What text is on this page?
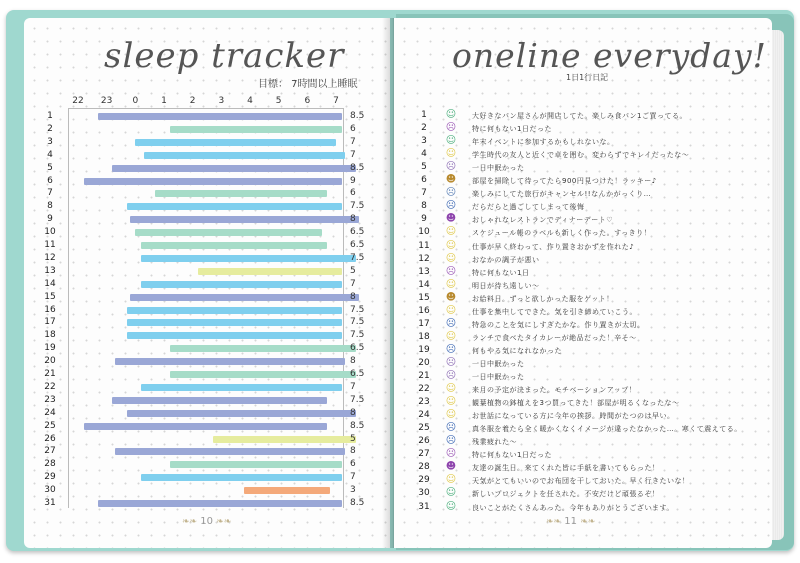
sleep tracker
目標： 7時間以上睡眠
22 23	0	1	2	3	4	5	6	7
1	8.5
2	6
3	7
4	7
5	8.5
6	9
7	6
8	7.5
9	8
10	6.5
11	6.5
12	7.5
13	5
14	7
15	8
16	7.5
17	7.5
18	7.5
19	6.5
20	8
21	6.5
22	7
23	7.5
24	8
25	8.5
26	5
27	8
28	6
29	7
30	3
31	8.5
❧❧ 10 ❧❧
oneline everyday!
1日1行日記
1	☺ 大好きなパン屋さんが開店してた。楽しみ食パン1ご買ってる。
2	☹ 特に何もない1日だった
3	☺ 年末イベントに参加するかもしれないな。
4	☺ 学生時代の友人と近くで卓を囲む。変わらずでキレイだったな〜
5	☹ 一日中眠かった
6	☻ 部屋を掃除して待ってたら900円見つけた！ラッキー♪
7	☹ 楽しみにしてた旅行がキャンセル!!なんかがっくり…
8	☹ だらだらと過ごしてしまって後悔
9	☻ おしゃれなレストランでディナーデート♡
10	☺ スケジュール帳のラベルも新しく作った。すっきり！
11	☺ 仕事が早く終わって、作り置きおかずを作れた♪
12	☺ おなかの調子が悪い
13	☹ 特に何もない1日
14	☺ 明日が待ち遠しい〜
15	☻ お給料日。ずっと欲しかった服をゲット！
16	☺ 仕事を集中してできた。気を引き締めていこう。
17	☹ 特急のことを気にしすぎたかな。作り置きが大切。
18	☺ ランチで食べたタイカレーが絶品だった！辛そ〜
19	☹ 何もやる気になれなかった
20	☹ 一日中眠かった
21	☹ 一日中眠かった
22	☺ 来月の予定が決まった。モチベーションアップ！
23	☺ 観葉植物の鉢植えを3つ買ってきた！部屋が明るくなったな〜
24	☺ お世話になっている方に今年の挨拶。時間がたつのは早い。
25	☹ 真冬服を着たら全く暖かくなくイメージが違ったなかった…。寒くて震えてる。
26	☹ 残業疲れた〜
27	☹ 特に何もない1日だった
28	☻ 友達の誕生日。来てくれた皆に手紙を書いてもらった！
29	☺ 天気がとてもいいのでお布団を干しておいた。早く行きたいな！
30	☺ 新しいプロジェクトを任された。不安だけど頑張るぞ！
31	☺ 良いことがたくさんあった。今年もありがとうございます。
❧❧ 11 ❧❧
